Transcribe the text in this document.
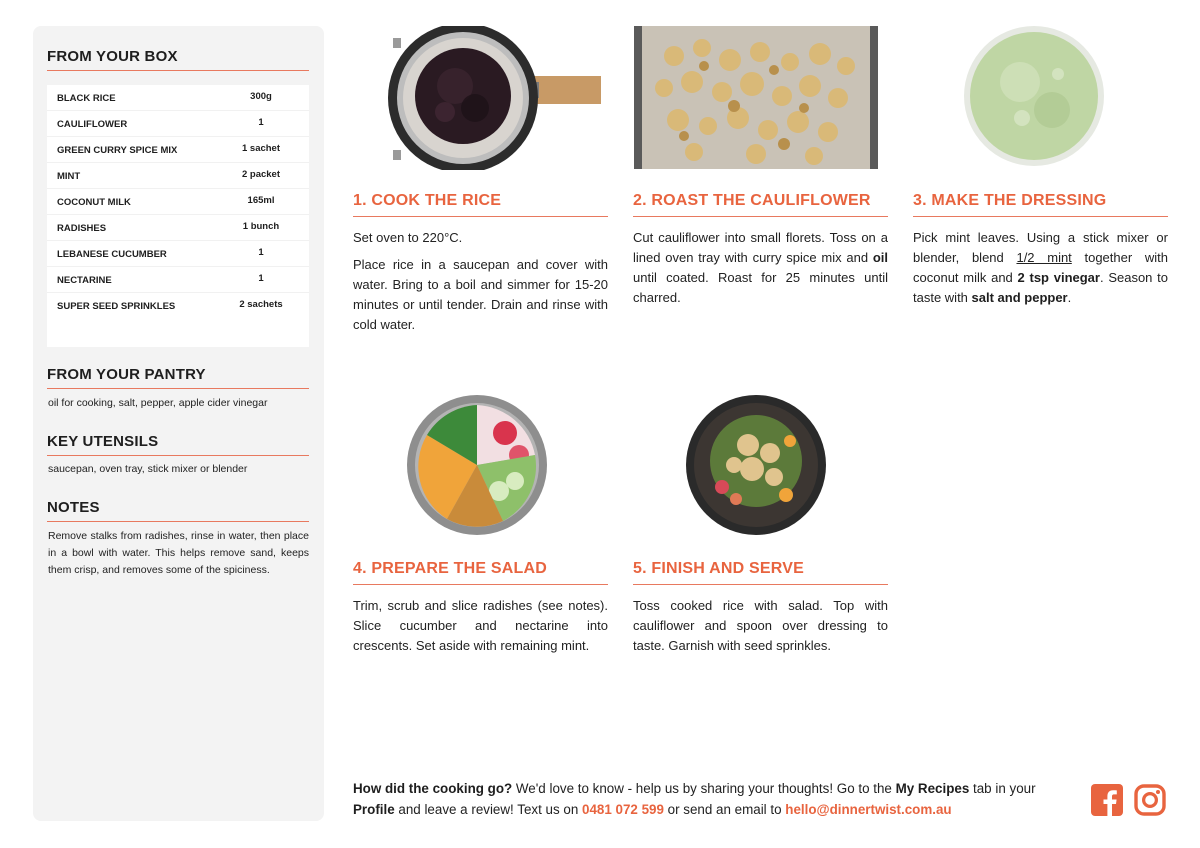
FROM YOUR BOX
BLACK RICE	300g
CAULIFLOWER	1
GREEN CURRY SPICE MIX	1 sachet
MINT	2 packet
COCONUT MILK	165ml
RADISHES	1 bunch
LEBANESE CUCUMBER	1
NECTARINE	1
SUPER SEED SPRINKLES	2 sachets
FROM YOUR PANTRY
oil for cooking, salt, pepper, apple cider vinegar
KEY UTENSILS
saucepan, oven tray, stick mixer or blender
NOTES
Remove stalks from radishes, rinse in water, then place in a bowl with water. This helps remove sand, keeps them crisp, and removes some of the spiciness.
1. COOK THE RICE

Set oven to 220°C.

Place rice in a saucepan and cover with water. Bring to a boil and simmer for 15-20 minutes or until tender. Drain and rinse with cold water.

2. ROAST THE CAULIFLOWER

Cut cauliflower into small florets. Toss on a lined oven tray with curry spice mix and oil until coated. Roast for 25 minutes until charred.

3. MAKE THE DRESSING

Pick mint leaves. Using a stick mixer or blender, blend 1/2 mint together with coconut milk and 2 tsp vinegar. Season to taste with salt and pepper.

4. PREPARE THE SALAD

Trim, scrub and slice radishes (see notes). Slice cucumber and nectarine into crescents. Set aside with remaining mint.

5. FINISH AND SERVE

Toss cooked rice with salad. Top with cauliflower and spoon over dressing to taste. Garnish with seed sprinkles.

How did the cooking go? We'd love to know - help us by sharing your thoughts! Go to the My Recipes tab in your Profile and leave a review! Text us on 0481 072 599 or send an email to hello@dinnertwist.com.au
